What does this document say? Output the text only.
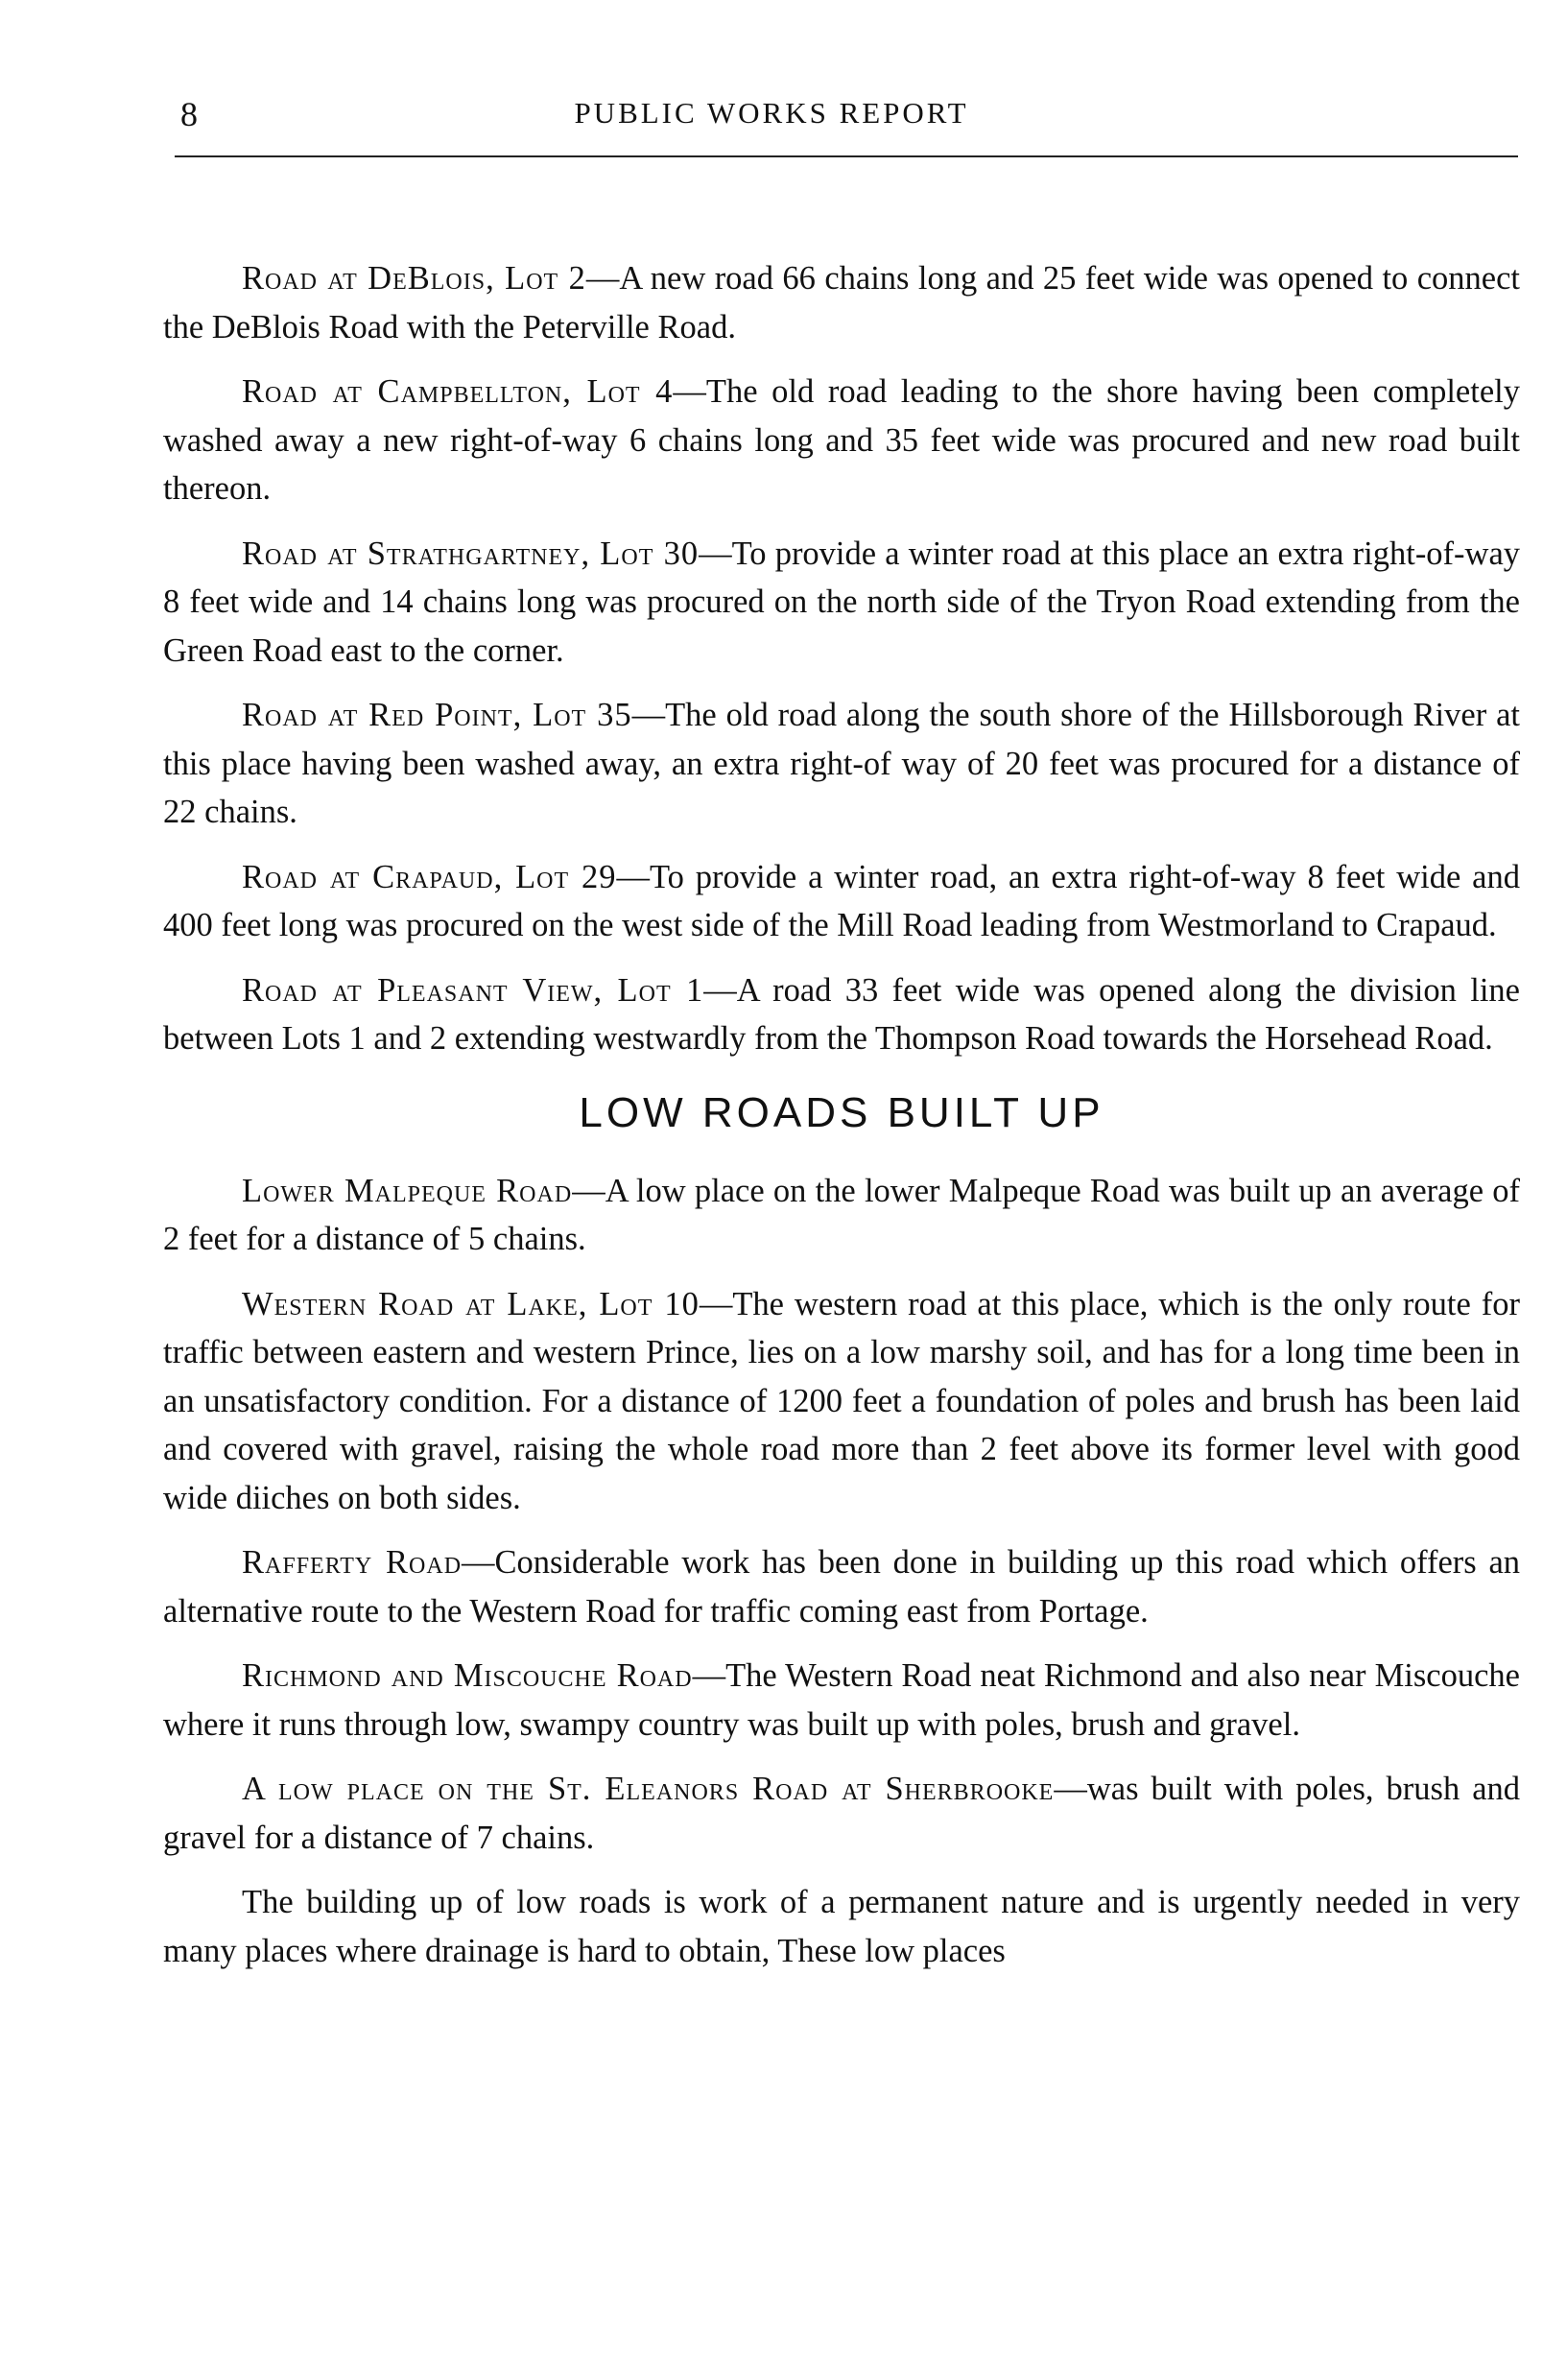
8	PUBLIC WORKS REPORT

Road at DeBlois, Lot 2—A new road 66 chains long and 25 feet wide was opened to connect the DeBlois Road with the Peterville Road.

Road at Campbellton, Lot 4—The old road leading to the shore having been completely washed away a new right-of-way 6 chains long and 35 feet wide was procured and new road built thereon.

Road at Strathgartney, Lot 30—To provide a winter road at this place an extra right-of-way 8 feet wide and 14 chains long was procured on the north side of the Tryon Road extending from the Green Road east to the corner.

Road at Red Point, Lot 35—The old road along the south shore of the Hillsborough River at this place having been washed away, an extra right-of way of 20 feet was procured for a distance of 22 chains.

Road at Crapaud, Lot 29—To provide a winter road, an extra right-of-way 8 feet wide and 400 feet long was procured on the west side of the Mill Road leading from Westmorland to Crapaud.

Road at Pleasant View, Lot 1—A road 33 feet wide was opened along the division line between Lots 1 and 2 extending westwardly from the Thompson Road towards the Horsehead Road.

LOW ROADS BUILT UP

Lower Malpeque Road—A low place on the lower Malpeque Road was built up an average of 2 feet for a distance of 5 chains.

Western Road at Lake, Lot 10—The western road at this place, which is the only route for traffic between eastern and western Prince, lies on a low marshy soil, and has for a long time been in an unsatisfactory condition. For a distance of 1200 feet a foundation of poles and brush has been laid and covered with gravel, raising the whole road more than 2 feet above its former level with good wide diiches on both sides.

Rafferty Road—Considerable work has been done in building up this road which offers an alternative route to the Western Road for traffic coming east from Portage.

Richmond and Miscouche Road—The Western Road neat Richmond and also near Miscouche where it runs through low, swampy country was built up with poles, brush and gravel.

A low place on the St. Eleanors Road at Sherbrooke—was built with poles, brush and gravel for a distance of 7 chains.

The building up of low roads is work of a permanent nature and is urgently needed in very many places where drainage is hard to obtain, These low places
